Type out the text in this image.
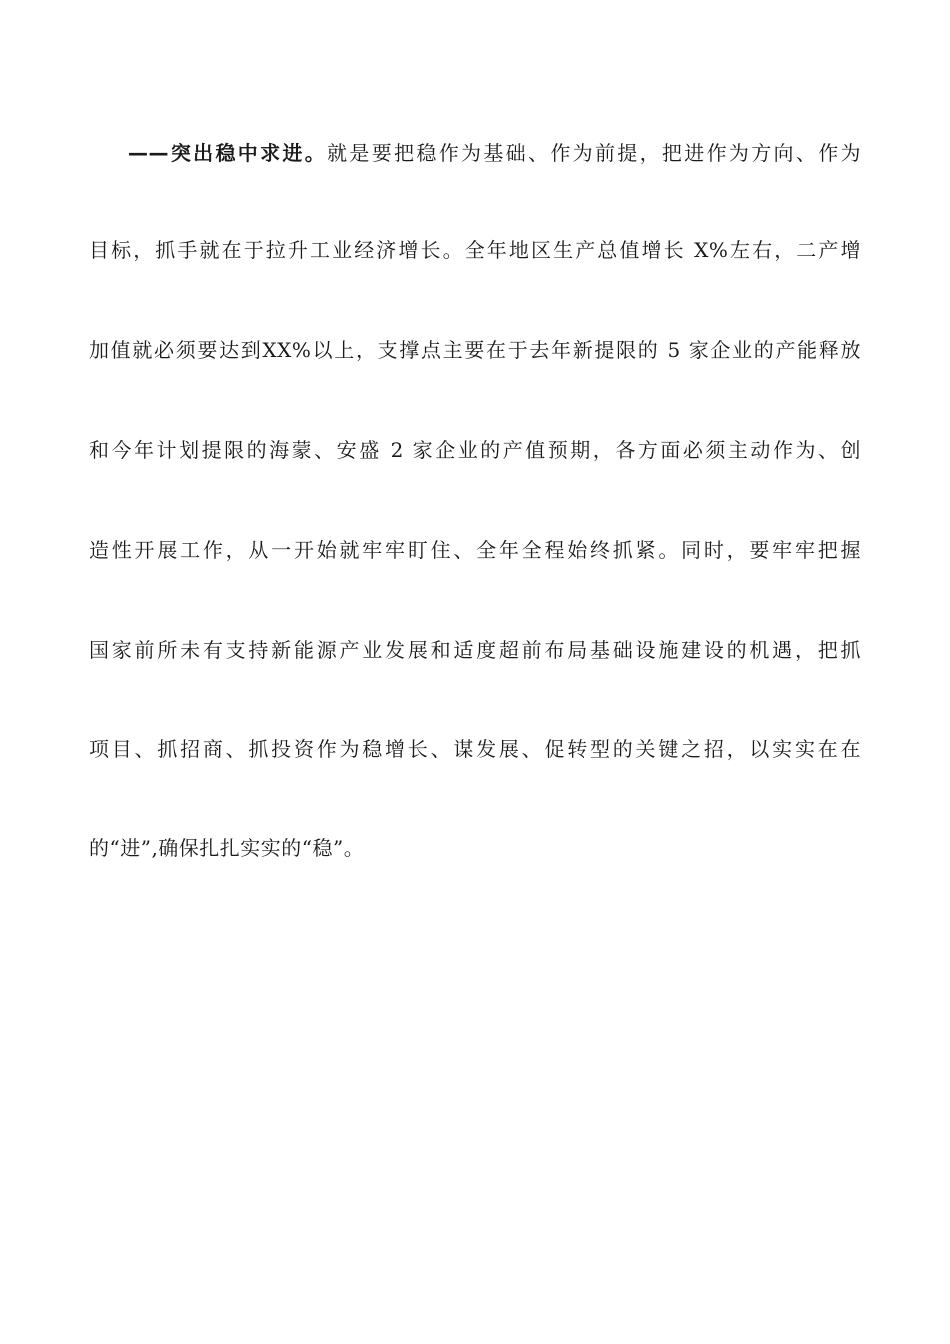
——突出稳中求进。就是要把稳作为基础、作为前提，把进作为方向、作为
目标，抓手就在于拉升工业经济增长。全年地区生产总值增长 X%左右，二产增
加值就必须要达到XX%以上，支撑点主要在于去年新提限的 5 家企业的产能释放
和今年计划提限的海蒙、安盛 2 家企业的产值预期，各方面必须主动作为、创
造性开展工作，从一开始就牢牢盯住、全年全程始终抓紧。同时，要牢牢把握
国家前所未有支持新能源产业发展和适度超前布局基础设施建设的机遇，把抓
项目、抓招商、抓投资作为稳增长、谋发展、促转型的关键之招，以实实在在
的“进”,确保扎扎实实的“稳”。
